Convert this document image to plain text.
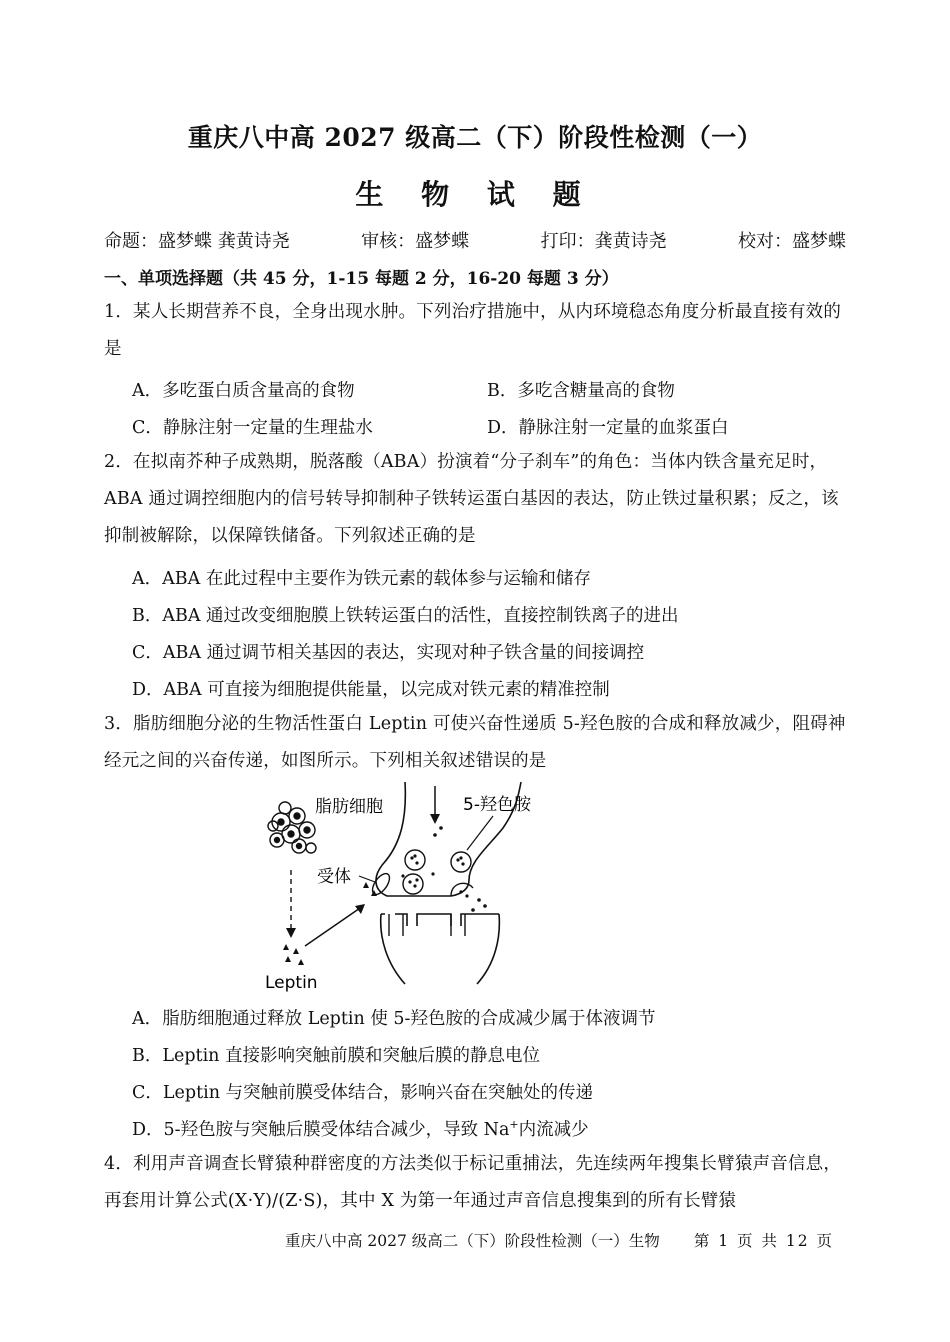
重庆八中高 2027 级高二（下）阶段性检测（一）
生 物 试 题
命题：盛梦蝶 龚黄诗尧	审核：盛梦蝶	打印：龚黄诗尧	校对：盛梦蝶
一、单项选择题（共 45 分，1-15 每题 2 分，16-20 每题 3 分）
1．某人长期营养不良，全身出现水肿。下列治疗措施中，从内环境稳态角度分析最直接有效的是
A．多吃蛋白质含量高的食物	B．多吃含糖量高的食物
C．静脉注射一定量的生理盐水	D．静脉注射一定量的血浆蛋白
2．在拟南芥种子成熟期，脱落酸（ABA）扮演着“分子刹车”的角色：当体内铁含量充足时，ABA 通过调控细胞内的信号转导抑制种子铁转运蛋白基因的表达，防止铁过量积累；反之，该抑制被解除，以保障铁储备。下列叙述正确的是
A．ABA 在此过程中主要作为铁元素的载体参与运输和储存
B．ABA 通过改变细胞膜上铁转运蛋白的活性，直接控制铁离子的进出
C．ABA 通过调节相关基因的表达，实现对种子铁含量的间接调控
D．ABA 可直接为细胞提供能量，以完成对铁元素的精准控制
3．脂肪细胞分泌的生物活性蛋白 Leptin 可使兴奋性递质 5-羟色胺的合成和释放减少，阻碍神经元之间的兴奋传递，如图所示。下列相关叙述错误的是
脂肪细胞
Leptin
受体
5-羟色胺
A．脂肪细胞通过释放 Leptin 使 5-羟色胺的合成减少属于体液调节
B．Leptin 直接影响突触前膜和突触后膜的静息电位
C．Leptin 与突触前膜受体结合，影响兴奋在突触处的传递
D．5-羟色胺与突触后膜受体结合减少，导致 Na+内流减少
4．利用声音调查长臂猿种群密度的方法类似于标记重捕法，先连续两年搜集长臂猿声音信息，再套用计算公式(X·Y)/(Z·S)，其中 X 为第一年通过声音信息搜集到的所有长臂猿
重庆八中高 2027 级高二（下）阶段性检测（一）生物 第 1 页 共 12 页
